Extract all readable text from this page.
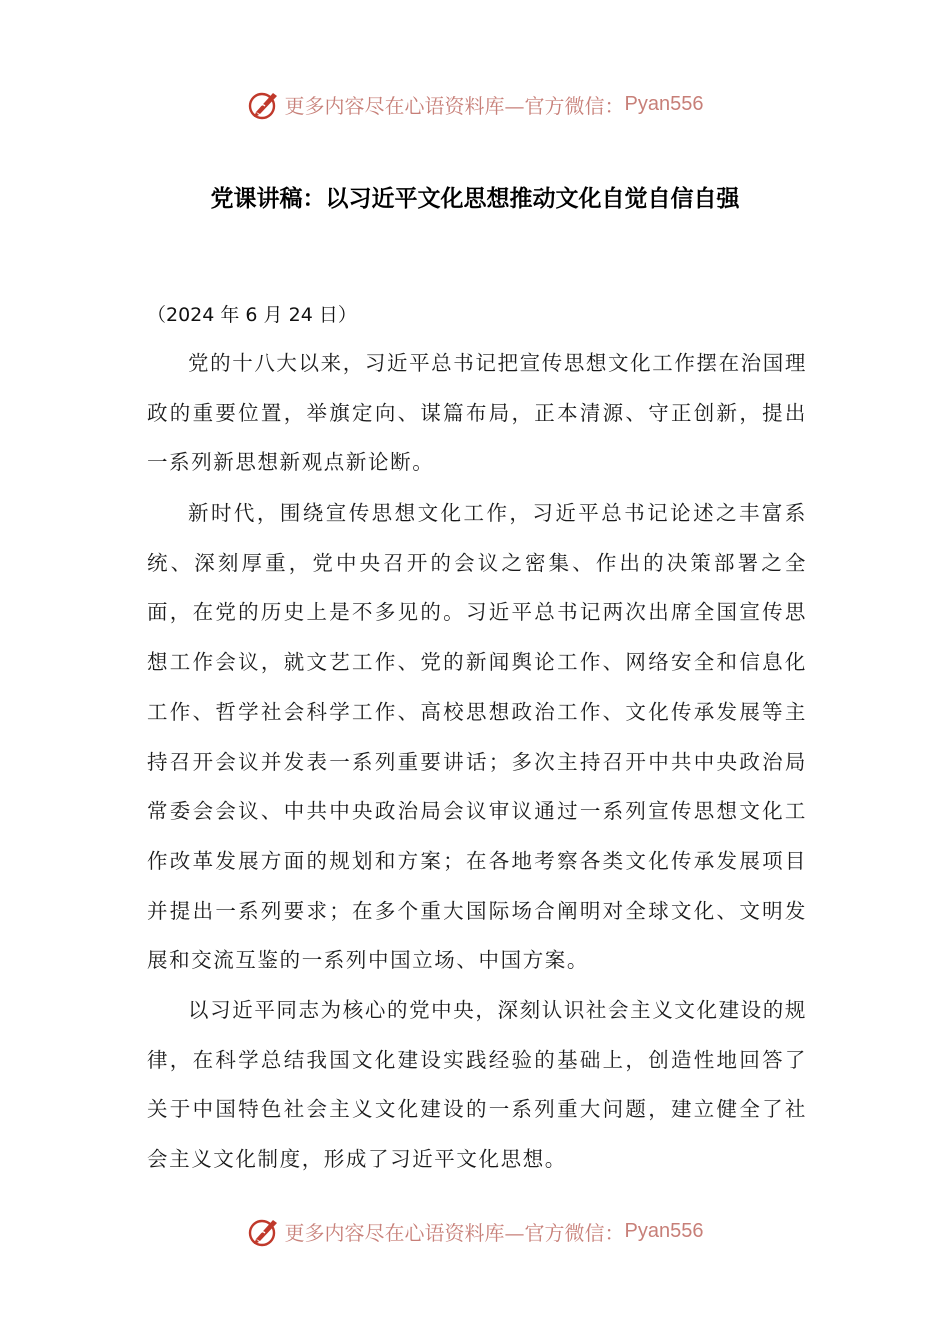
更多内容尽在心语资料库—官方微信： Pyan556
党课讲稿：以习近平文化思想推动文化自觉自信自强
（2024 年 6 月 24 日）

党的十八大以来，习近平总书记把宣传思想文化工作摆在治国理政的重要位置，举旗定向、谋篇布局，正本清源、守正创新，提出一系列新思想新观点新论断。

新时代，围绕宣传思想文化工作，习近平总书记论述之丰富系统、深刻厚重，党中央召开的会议之密集、作出的决策部署之全面，在党的历史上是不多见的。习近平总书记两次出席全国宣传思想工作会议，就文艺工作、党的新闻舆论工作、网络安全和信息化工作、哲学社会科学工作、高校思想政治工作、文化传承发展等主持召开会议并发表一系列重要讲话；多次主持召开中共中央政治局常委会会议、中共中央政治局会议审议通过一系列宣传思想文化工作改革发展方面的规划和方案；在各地考察各类文化传承发展项目并提出一系列要求；在多个重大国际场合阐明对全球文化、文明发展和交流互鉴的一系列中国立场、中国方案。

以习近平同志为核心的党中央，深刻认识社会主义文化建设的规律，在科学总结我国文化建设实践经验的基础上，创造性地回答了关于中国特色社会主义文化建设的一系列重大问题，建立健全了社会主义文化制度，形成了习近平文化思想。

更多内容尽在心语资料库—官方微信： Pyan556
